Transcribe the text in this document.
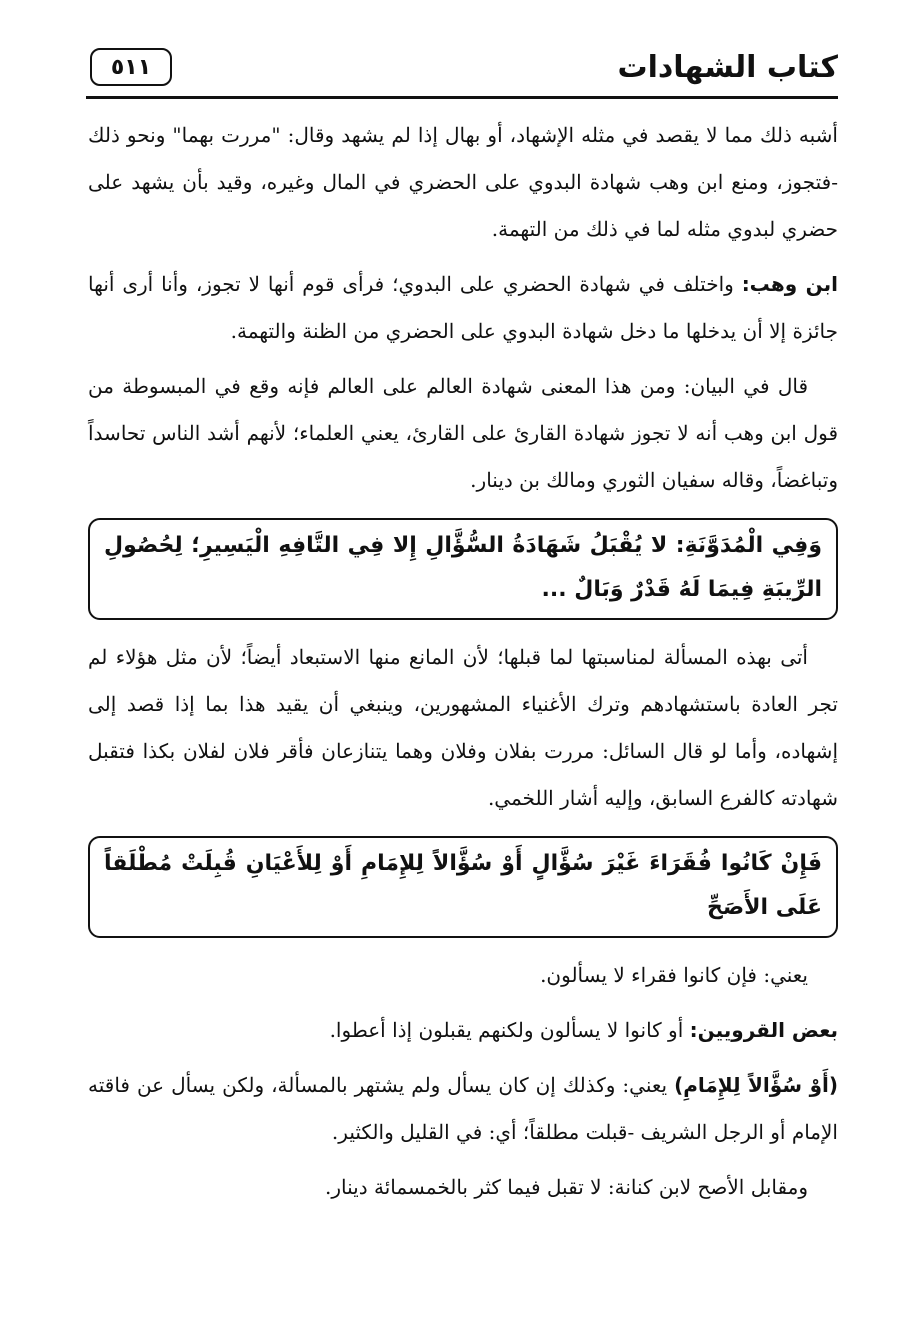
كتاب الشهادات
٥١١

أشبه ذلك مما لا يقصد في مثله الإشهاد، أو بهال إذا لم يشهد وقال: "مررت بهما" ونحو ذلك -فتجوز، ومنع ابن وهب شهادة البدوي على الحضري في المال وغيره، وقيد بأن يشهد على حضري لبدوي مثله لما في ذلك من التهمة.

ابن وهب: واختلف في شهادة الحضري على البدوي؛ فرأى قوم أنها لا تجوز، وأنا أرى أنها جائزة إلا أن يدخلها ما دخل شهادة البدوي على الحضري من الظنة والتهمة.

قال في البيان: ومن هذا المعنى شهادة العالم على العالم فإنه وقع في المبسوطة من قول ابن وهب أنه لا تجوز شهادة القارئ على القارئ، يعني العلماء؛ لأنهم أشد الناس تحاسداً وتباغضاً، وقاله سفيان الثوري ومالك بن دينار.

وَفِي الْمُدَوَّنَةِ: لا يُقْبَلُ شَهَادَةُ السُّؤَّالِ إِلا فِي التَّافِهِ الْيَسِيرِ؛ لِحُصُولِ الرِّيبَةِ فِيمَا لَهُ قَدْرٌ وَبَالٌ ...

أتى بهذه المسألة لمناسبتها لما قبلها؛ لأن المانع منها الاستبعاد أيضاً؛ لأن مثل هؤلاء لم تجر العادة باستشهادهم وترك الأغنياء المشهورين، وينبغي أن يقيد هذا بما إذا قصد إلى إشهاده، وأما لو قال السائل: مررت بفلان وفلان وهما يتنازعان فأقر فلان لفلان بكذا فتقبل شهادته كالفرع السابق، وإليه أشار اللخمي.

فَإِنْ كَانُوا فُقَرَاءَ غَيْرَ سُؤَّالٍ أَوْ سُؤَّالاً لِلإِمَامِ أَوْ لِلأَعْيَانِ قُبِلَتْ مُطْلَقاً عَلَى الأَصَحِّ

يعني: فإن كانوا فقراء لا يسألون.

بعض القرويين: أو كانوا لا يسألون ولكنهم يقبلون إذا أعطوا.

(أَوْ سُؤَّالاً لِلإِمَامِ) يعني: وكذلك إن كان يسأل ولم يشتهر بالمسألة، ولكن يسأل عن فاقته الإمام أو الرجل الشريف -قبلت مطلقاً؛ أي: في القليل والكثير.

ومقابل الأصح لابن كنانة: لا تقبل فيما كثر بالخمسمائة دينار.
